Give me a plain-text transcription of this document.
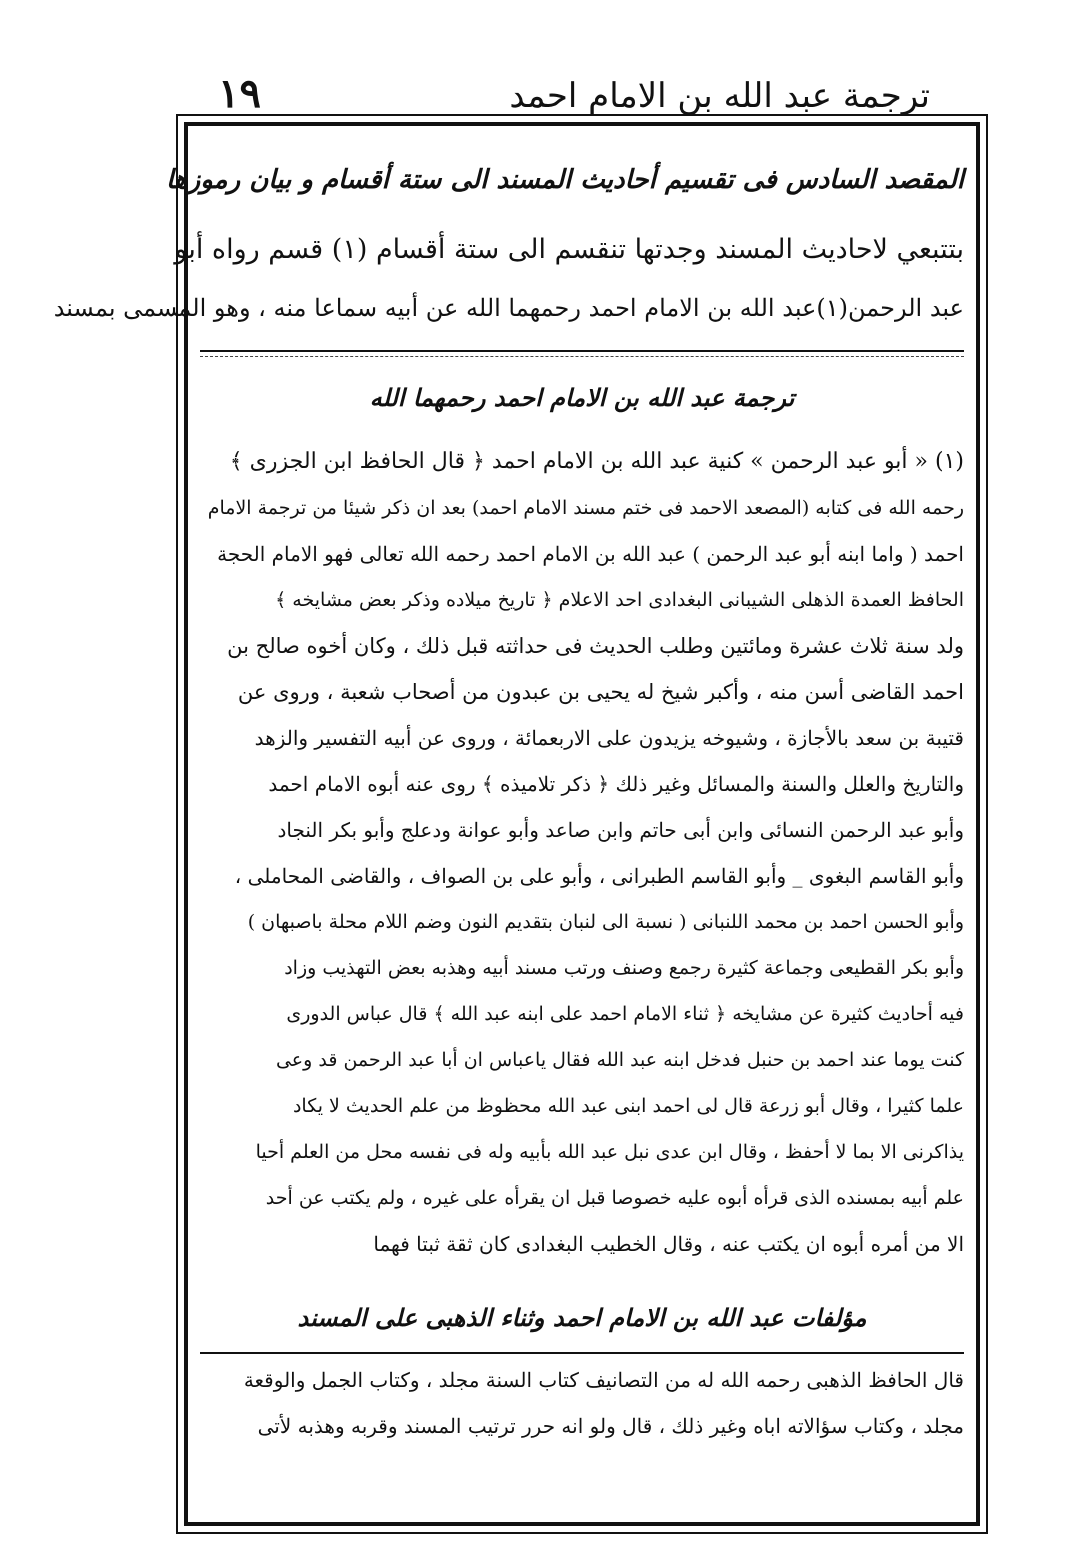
١٩	ترجمة عبد الله بن الامام احمد
المقصد السادس فى تقسيم أحاديث المسند الى ستة أقسام و بيان رموزها
بتتبعي لاحاديث المسند وجدتها تنقسم الى ستة أقسام (١) قسم رواه أبو
عبد الرحمن(١)عبد الله بن الامام احمد رحمهما الله عن أبيه سماعا منه ، وهو المسمى بمسند
ترجمة عبد الله بن الامام احمد رحمهما الله
(١) « أبو عبد الرحمن » كنية عبد الله بن الامام احمد ﴿ قال الحافظ ابن الجزرى ﴾
رحمه الله فى كتابه (المصعد الاحمد فى ختم مسند الامام احمد) بعد ان ذكر شيئا من ترجمة الامام
احمد ( واما ابنه أبو عبد الرحمن ) عبد الله بن الامام احمد رحمه الله تعالى فهو الامام الحجة
الحافظ العمدة الذهلى الشيبانى البغدادى احد الاعلام ﴿ تاريخ ميلاده وذكر بعض مشايخه ﴾
ولد سنة ثلاث عشرة ومائتين وطلب الحديث فى حداثته قبل ذلك ، وكان أخوه صالح بن
احمد القاضى أسن منه ، وأكبر شيخ له يحيى بن عبدون من أصحاب شعبة ، وروى عن
قتيبة بن سعد بالأجازة ، وشيوخه يزيدون على الاربعمائة ، وروى عن أبيه التفسير والزهد
والتاريخ والعلل والسنة والمسائل وغير ذلك ﴿ ذكر تلاميذه ﴾ روى عنه أبوه الامام احمد
وأبو عبد الرحمن النسائى وابن أبى حاتم وابن صاعد وأبو عوانة ودعلج وأبو بكر النجاد
وأبو القاسم البغوى _ وأبو القاسم الطبرانى ، وأبو على بن الصواف ، والقاضى المحاملى ،
وأبو الحسن احمد بن محمد اللنبانى ( نسبة الى لنبان بتقديم النون وضم اللام محلة باصبهان )
وأبو بكر القطيعى وجماعة كثيرة رجمع وصنف ورتب مسند أبيه وهذبه بعض التهذيب وزاد
فيه أحاديث كثيرة عن مشايخه ﴿ ثناء الامام احمد على ابنه عبد الله ﴾ قال عباس الدورى
كنت يوما عند احمد بن حنبل فدخل ابنه عبد الله فقال ياعباس ان أبا عبد الرحمن قد وعى
علما كثيرا ، وقال أبو زرعة قال لى احمد ابنى عبد الله محظوظ من علم الحديث لا يكاد
يذاكرنى الا بما لا أحفظ ، وقال ابن عدى نبل عبد الله بأبيه وله فى نفسه محل من العلم أحيا
علم أبيه بمسنده الذى قرأه أبوه عليه خصوصا قبل ان يقرأه على غيره ، ولم يكتب عن أحد
الا من أمره أبوه ان يكتب عنه ، وقال الخطيب البغدادى كان ثقة ثبتا فهما
مؤلفات عبد الله بن الامام احمد وثناء الذهبى على المسند
قال الحافظ الذهبى رحمه الله له من التصانيف كتاب السنة مجلد ، وكتاب الجمل والوقعة
مجلد ، وكتاب سؤالاته اباه وغير ذلك ، قال ولو انه حرر ترتيب المسند وقربه وهذبه لأتى
